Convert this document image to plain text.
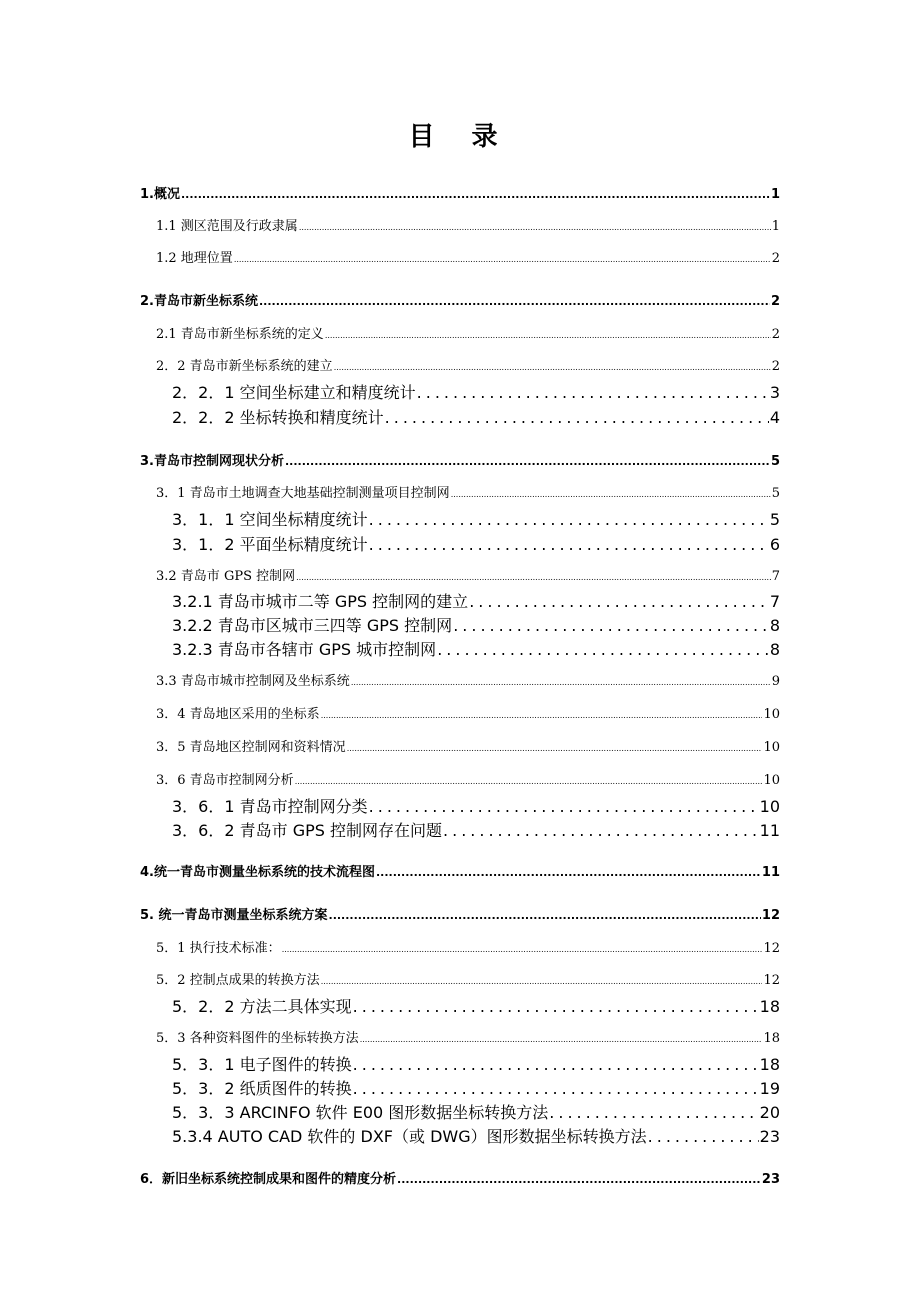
目 录
1.概况 .....	1
1.1 测区范围及行政隶属 .....	1
1.2 地理位置 .....	2
2.青岛市新坐标系统 .....	2
2.1 青岛市新坐标系统的定义 .....	2
2．2 青岛市新坐标系统的建立 .....	2
2．2．1 空间坐标建立和精度统计 .....	3
2．2．2 坐标转换和精度统计 .....	4
3.青岛市控制网现状分析 .....	5
3．1 青岛市土地调查大地基础控制测量项目控制网 .....	5
3．1．1 空间坐标精度统计 .....	5
3．1．2 平面坐标精度统计 .....	6
3.2 青岛市 GPS 控制网 .....	7
3.2.1 青岛市城市二等 GPS 控制网的建立 .....	7
3.2.2 青岛市区城市三四等 GPS 控制网 .....	8
3.2.3 青岛市各辖市 GPS 城市控制网 .....	8
3.3 青岛市城市控制网及坐标系统 .....	9
3．4 青岛地区采用的坐标系 .....	10
3．5 青岛地区控制网和资料情况 .....	10
3．6 青岛市控制网分析 .....	10
3．6．1 青岛市控制网分类 .....	10
3．6．2 青岛市 GPS 控制网存在问题 .....	11
4.统一青岛市测量坐标系统的技术流程图 .....	11
5. 统一青岛市测量坐标系统方案 .....	12
5．1 执行技术标准： .....	12
5．2 控制点成果的转换方法 .....	12
5．2．2 方法二具体实现 .....	18
5．3 各种资料图件的坐标转换方法 .....	18
5．3．1 电子图件的转换 .....	18
5．3．2 纸质图件的转换 .....	19
5．3．3 ARCINFO 软件 E00 图形数据坐标转换方法 .....	20
5.3.4 AUTO CAD 软件的 DXF（或 DWG）图形数据坐标转换方法 .....	23
6．新旧坐标系统控制成果和图件的精度分析 .....	23
